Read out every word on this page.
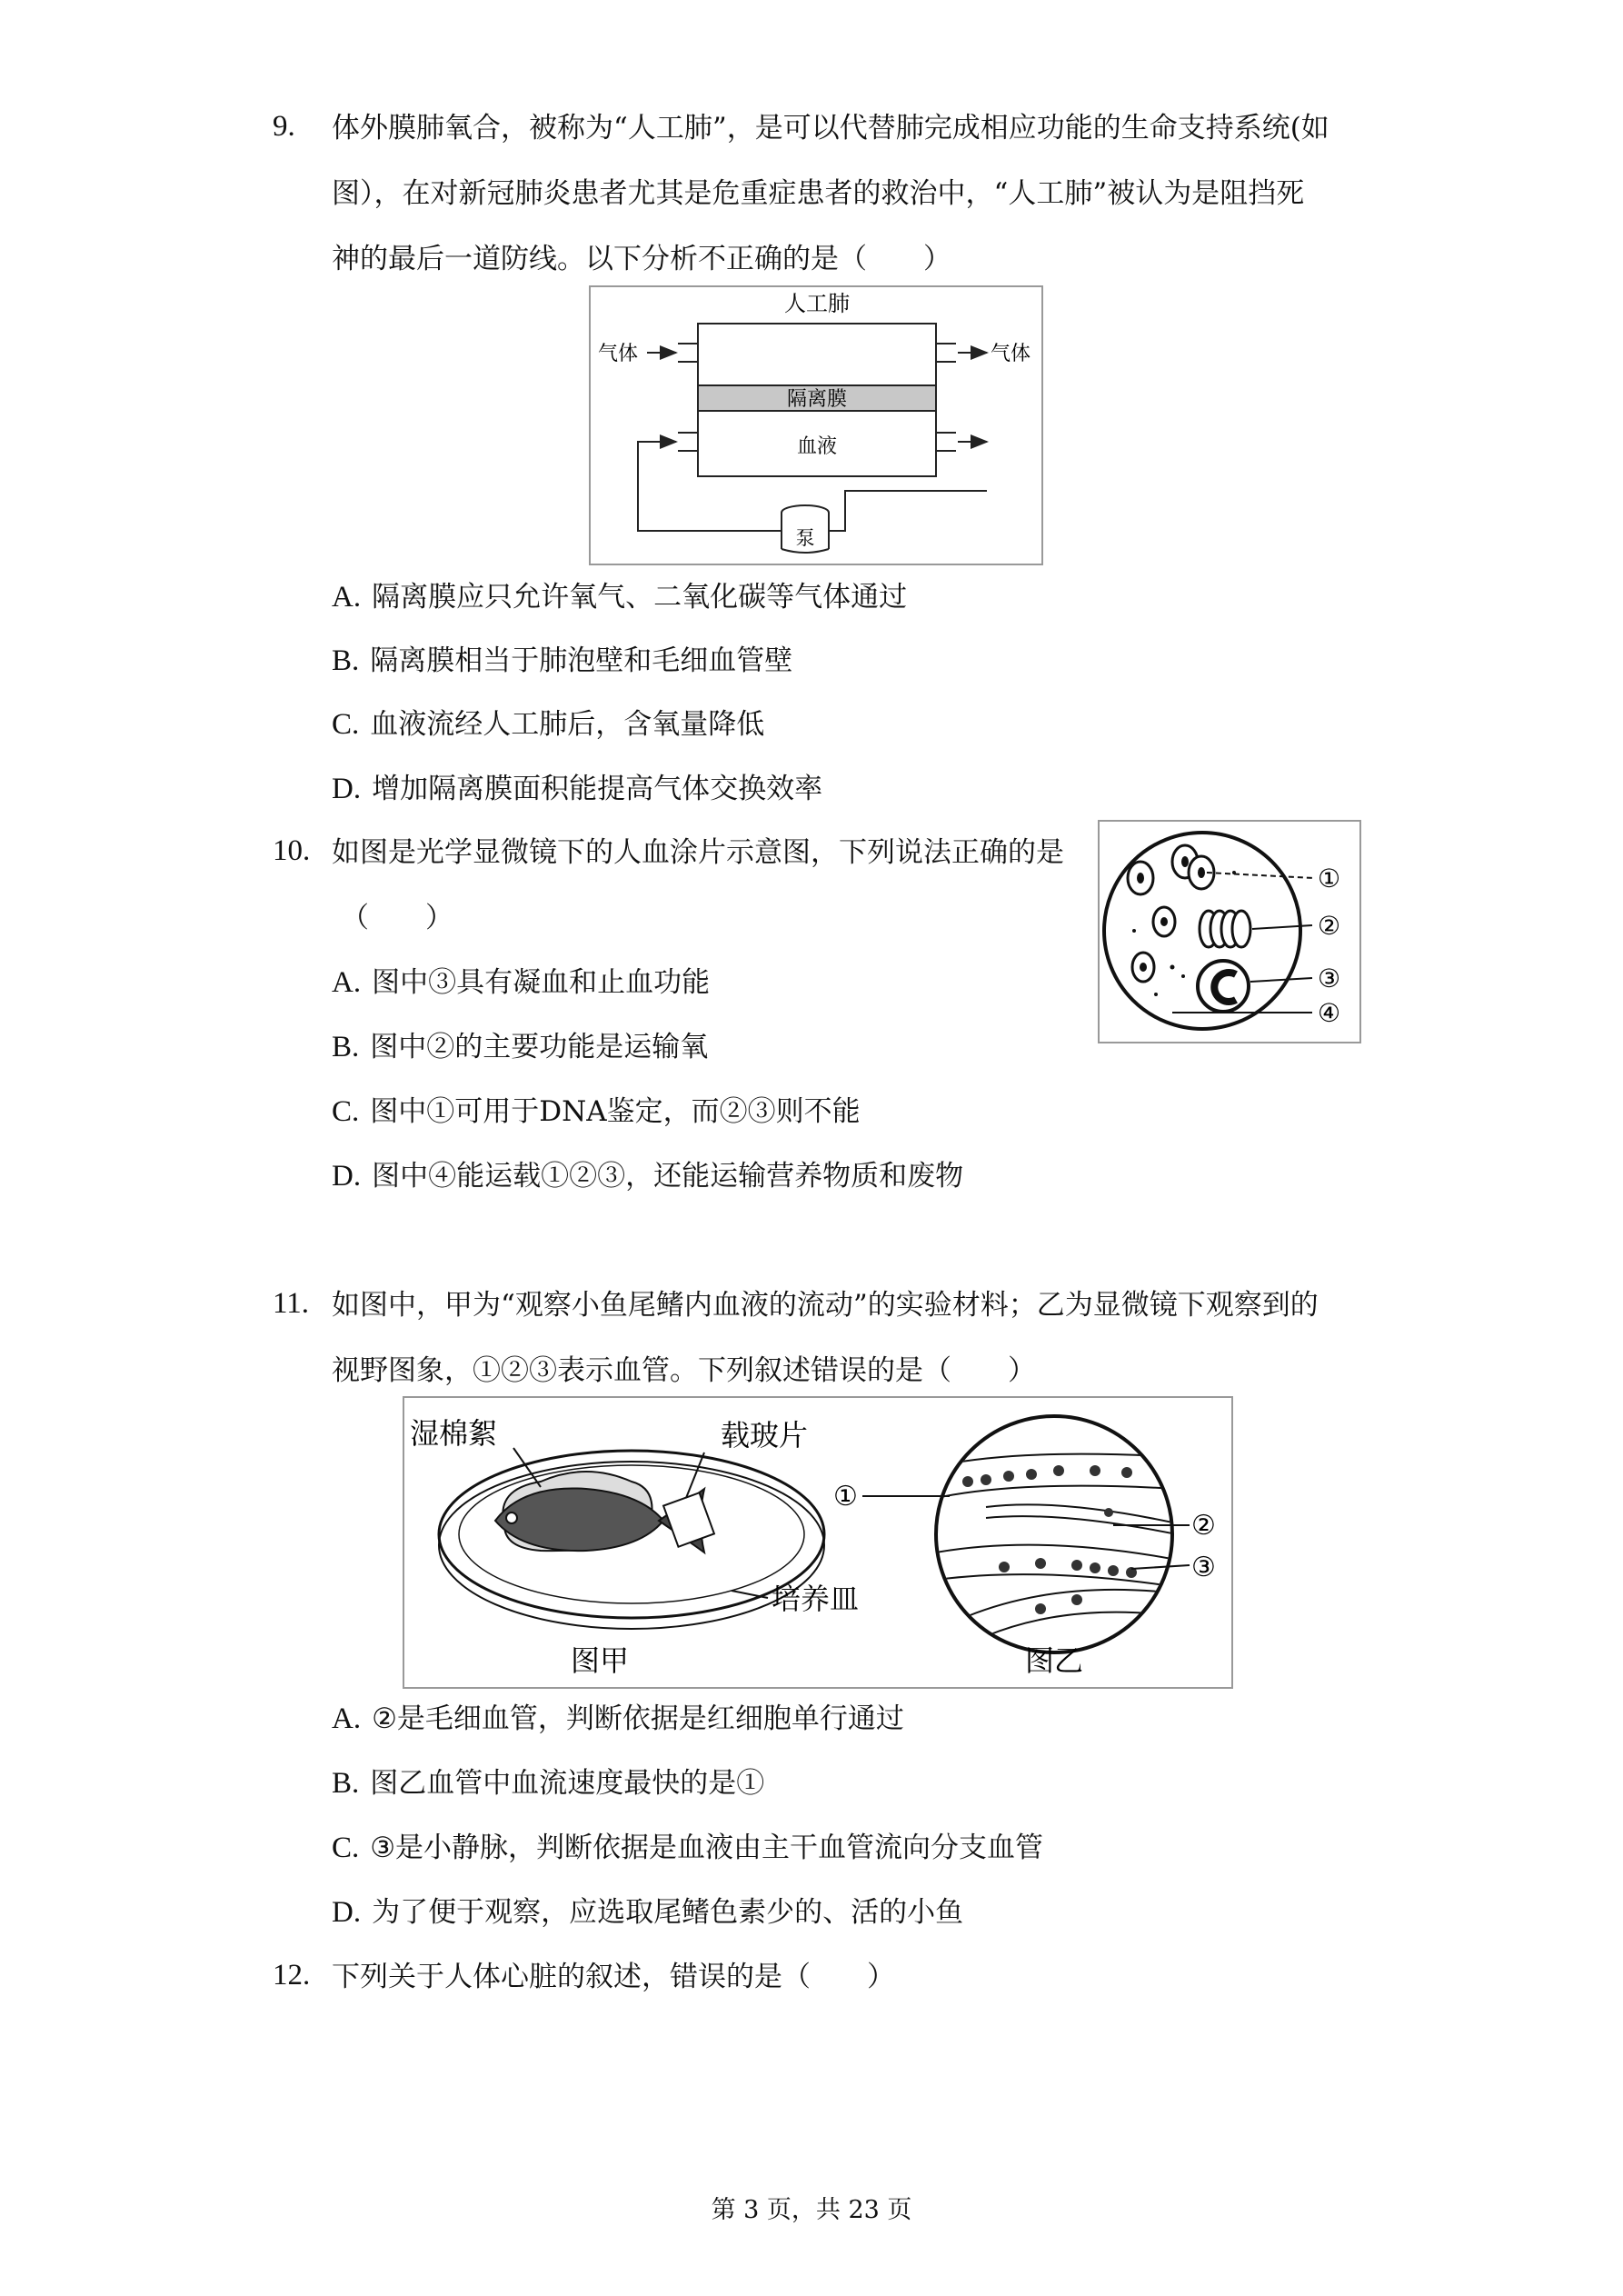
9. 体外膜肺氧合，被称为“人工肺”，是可以代替肺完成相应功能的生命支持系统(如
图），在对新冠肺炎患者尤其是危重症患者的救治中，“人工肺”被认为是阻挡死
神的最后一道防线。以下分析不正确的是（　　）
人工肺
气体	气体
隔离膜
血液
泵
A. 隔离膜应只允许氧气、二氧化碳等气体通过
B. 隔离膜相当于肺泡壁和毛细血管壁
C. 血液流经人工肺后，含氧量降低
D. 增加隔离膜面积能提高气体交换效率
10. 如图是光学显微镜下的人血涂片示意图，下列说法正确的是
（　　）
①
②
③
④
A. 图中③具有凝血和止血功能
B. 图中②的主要功能是运输氧
C. 图中①可用于DNA鉴定，而②③则不能
D. 图中④能运载①②③，还能运输营养物质和废物
11. 如图中，甲为“观察小鱼尾鳍内血液的流动”的实验材料；乙为显微镜下观察到的
视野图象，①②③表示血管。下列叙述错误的是（　　）
湿棉絮	载玻片
培养皿
图甲
①
②
③
图乙
A. ②是毛细血管，判断依据是红细胞单行通过
B. 图乙血管中血流速度最快的是①
C. ③是小静脉，判断依据是血液由主干血管流向分支血管
D. 为了便于观察，应选取尾鳍色素少的、活的小鱼
12. 下列关于人体心脏的叙述，错误的是（　　）
第 3 页，共 23 页
